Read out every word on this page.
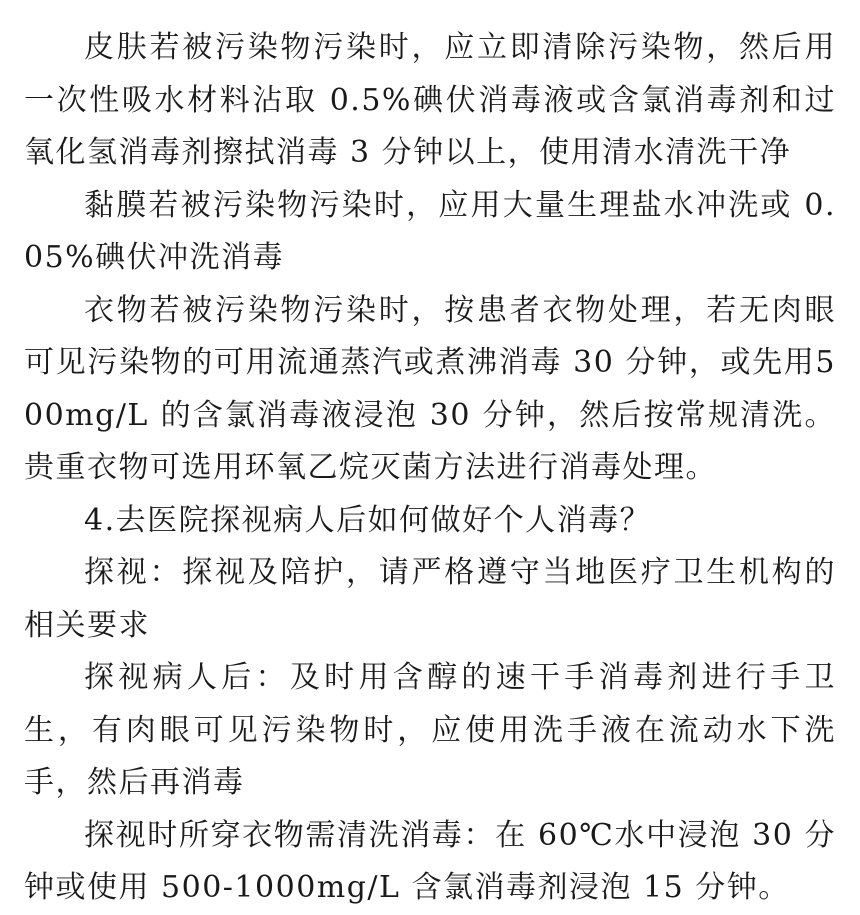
皮肤若被污染物污染时，应立即清除污染物，然后用一次性吸水材料沾取 0.5%碘伏消毒液或含氯消毒剂和过氧化氢消毒剂擦拭消毒 3 分钟以上，使用清水清洗干净

黏膜若被污染物污染时，应用大量生理盐水冲洗或 0.05%碘伏冲洗消毒

衣物若被污染物污染时，按患者衣物处理，若无肉眼可见污染物的可用流通蒸汽或煮沸消毒 30 分钟，或先用500mg/L 的含氯消毒液浸泡 30 分钟，然后按常规清洗。贵重衣物可选用环氧乙烷灭菌方法进行消毒处理。

4.去医院探视病人后如何做好个人消毒？

探视：探视及陪护，请严格遵守当地医疗卫生机构的相关要求

探视病人后：及时用含醇的速干手消毒剂进行手卫生，有肉眼可见污染物时，应使用洗手液在流动水下洗手，然后再消毒

探视时所穿衣物需清洗消毒：在 60℃水中浸泡 30 分钟或使用 500-1000mg/L 含氯消毒剂浸泡 15 分钟。
